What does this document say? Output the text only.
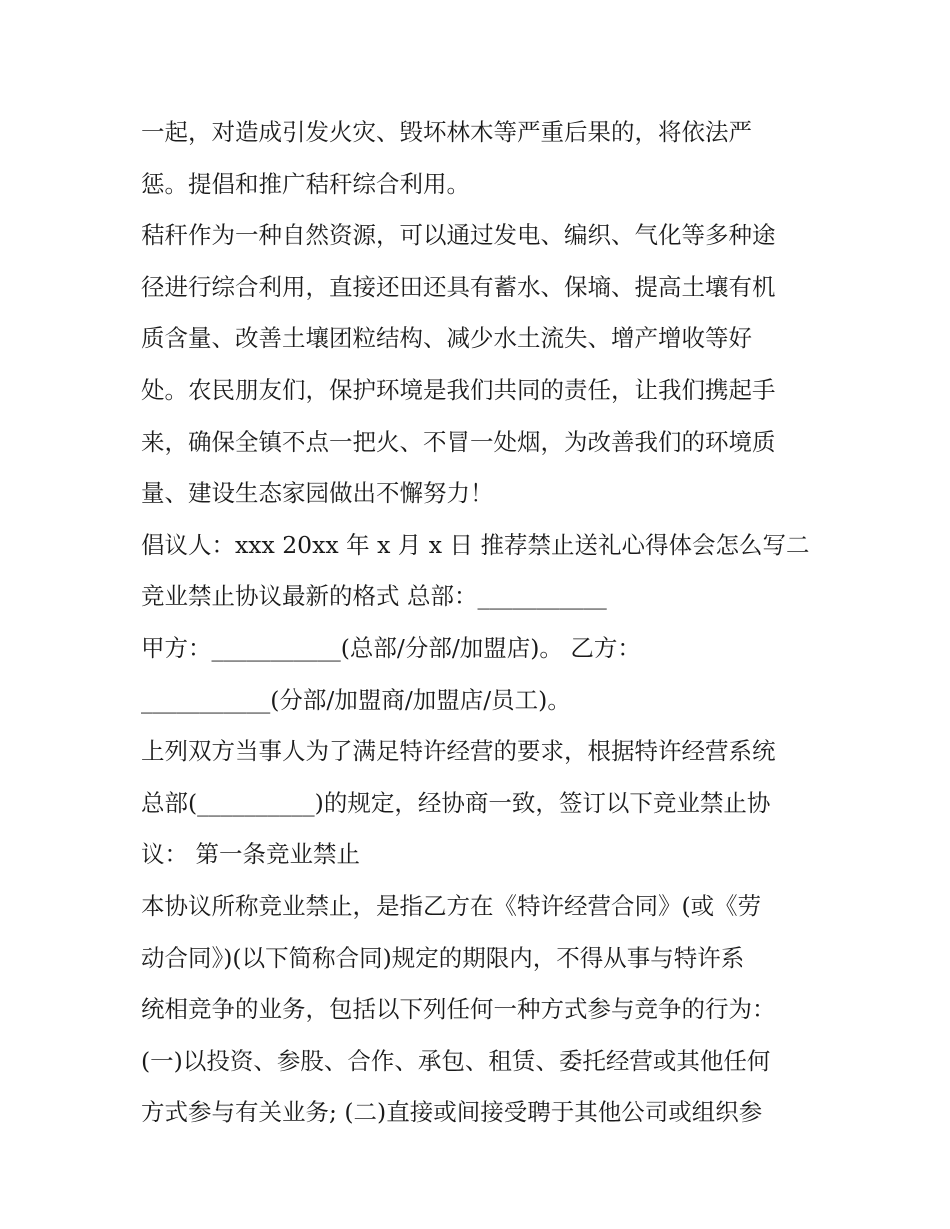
一起，对造成引发火灾、毁坏林木等严重后果的，将依法严
惩。提倡和推广秸秆综合利用。
秸秆作为一种自然资源，可以通过发电、编织、气化等多种途
径进行综合利用，直接还田还具有蓄水、保墒、提高土壤有机
质含量、改善土壤团粒结构、减少水土流失、增产增收等好
处。农民朋友们，保护环境是我们共同的责任，让我们携起手
来，确保全镇不点一把火、不冒一处烟，为改善我们的环境质
量、建设生态家园做出不懈努力！
倡议人：xxx 20xx 年 x 月 x 日 推荐禁止送礼心得体会怎么写二
竞业禁止协议最新的格式 总部：___________
甲方：___________(总部/分部/加盟店)。 乙方：
___________(分部/加盟商/加盟店/员工)。
上列双方当事人为了满足特许经营的要求，根据特许经营系统
总部(__________)的规定，经协商一致，签订以下竞业禁止协
议： 第一条竞业禁止
本协议所称竞业禁止，是指乙方在《特许经营合同》(或《劳
动合同》)(以下简称合同)规定的期限内，不得从事与特许系
统相竞争的业务，包括以下列任何一种方式参与竞争的行为：
(一)以投资、参股、合作、承包、租赁、委托经营或其他任何
方式参与有关业务; (二)直接或间接受聘于其他公司或组织参
